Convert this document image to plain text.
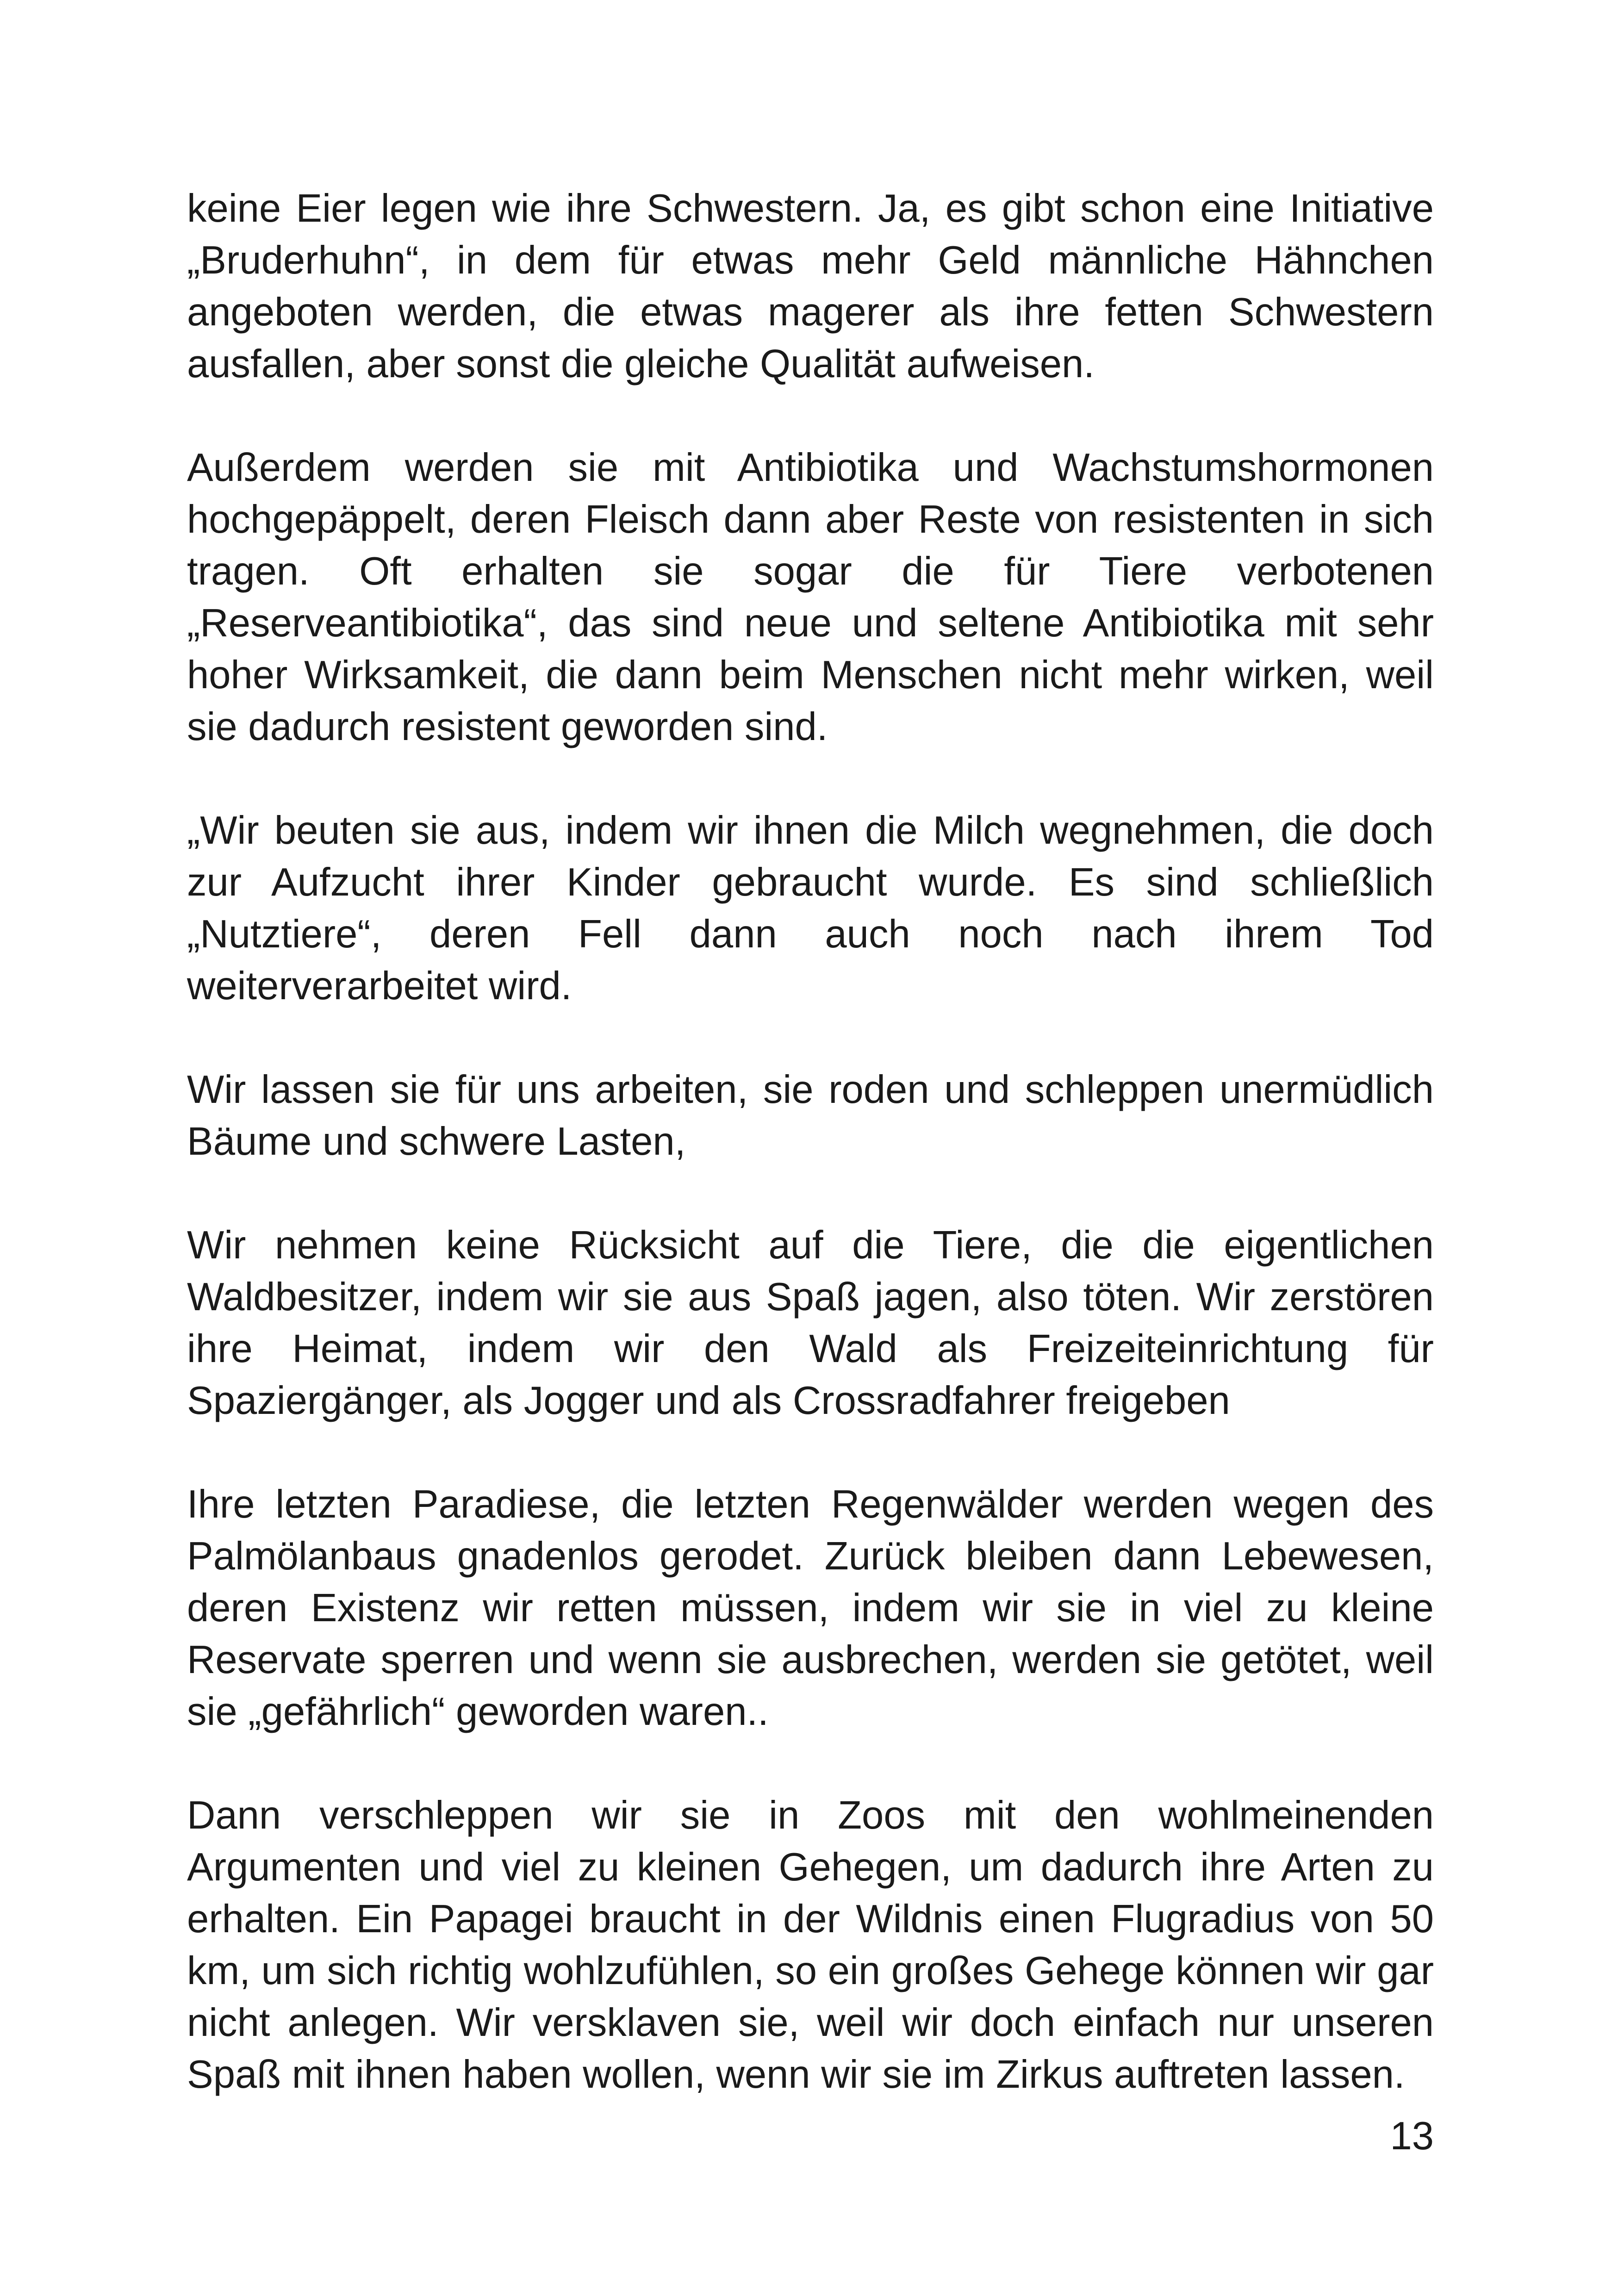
keine Eier legen wie ihre Schwestern. Ja, es gibt schon eine Initiative „Bruderhuhn“, in dem für etwas mehr Geld männliche Hähnchen angeboten werden, die etwas magerer als ihre fetten Schwestern ausfallen, aber sonst die gleiche Qualität aufweisen.

Außerdem werden sie mit Antibiotika und Wachstumshormonen hochgepäppelt, deren Fleisch dann aber Reste von resistenten in sich tragen. Oft erhalten sie sogar die für Tiere verbotenen „Reserveantibiotika“, das sind neue und seltene Antibiotika mit sehr hoher Wirksamkeit, die dann beim Menschen nicht mehr wirken, weil sie dadurch resistent geworden sind.

„Wir beuten sie aus, indem wir ihnen die Milch wegnehmen, die doch zur Aufzucht ihrer Kinder gebraucht wurde. Es sind schließlich „Nutztiere“, deren Fell dann auch noch nach ihrem Tod weiterverarbeitet wird.

Wir lassen sie für uns arbeiten, sie roden und schleppen unermüdlich Bäume und schwere Lasten,

Wir nehmen keine Rücksicht auf die Tiere, die die eigentlichen Waldbesitzer, indem wir sie aus Spaß jagen, also töten. Wir zerstören ihre Heimat, indem wir den Wald als Freizeiteinrichtung für Spaziergänger, als Jogger und als Crossradfahrer freigeben

Ihre letzten Paradiese, die letzten Regenwälder werden wegen des Palmölanbaus gnadenlos gerodet. Zurück bleiben dann Lebewesen, deren Existenz wir retten müssen, indem wir sie in viel zu kleine Reservate sperren und wenn sie ausbrechen, werden sie getötet, weil sie „gefährlich“ geworden waren..

Dann verschleppen wir sie in Zoos mit den wohlmeinenden Argumenten und viel zu kleinen Gehegen, um dadurch ihre Arten zu erhalten. Ein Papagei braucht in der Wildnis einen Flugradius von 50 km, um sich richtig wohlzufühlen, so ein großes Gehege können wir gar nicht anlegen. Wir versklaven sie, weil wir doch einfach nur unseren Spaß mit ihnen haben wollen, wenn wir sie im Zirkus auftreten lassen.

13
